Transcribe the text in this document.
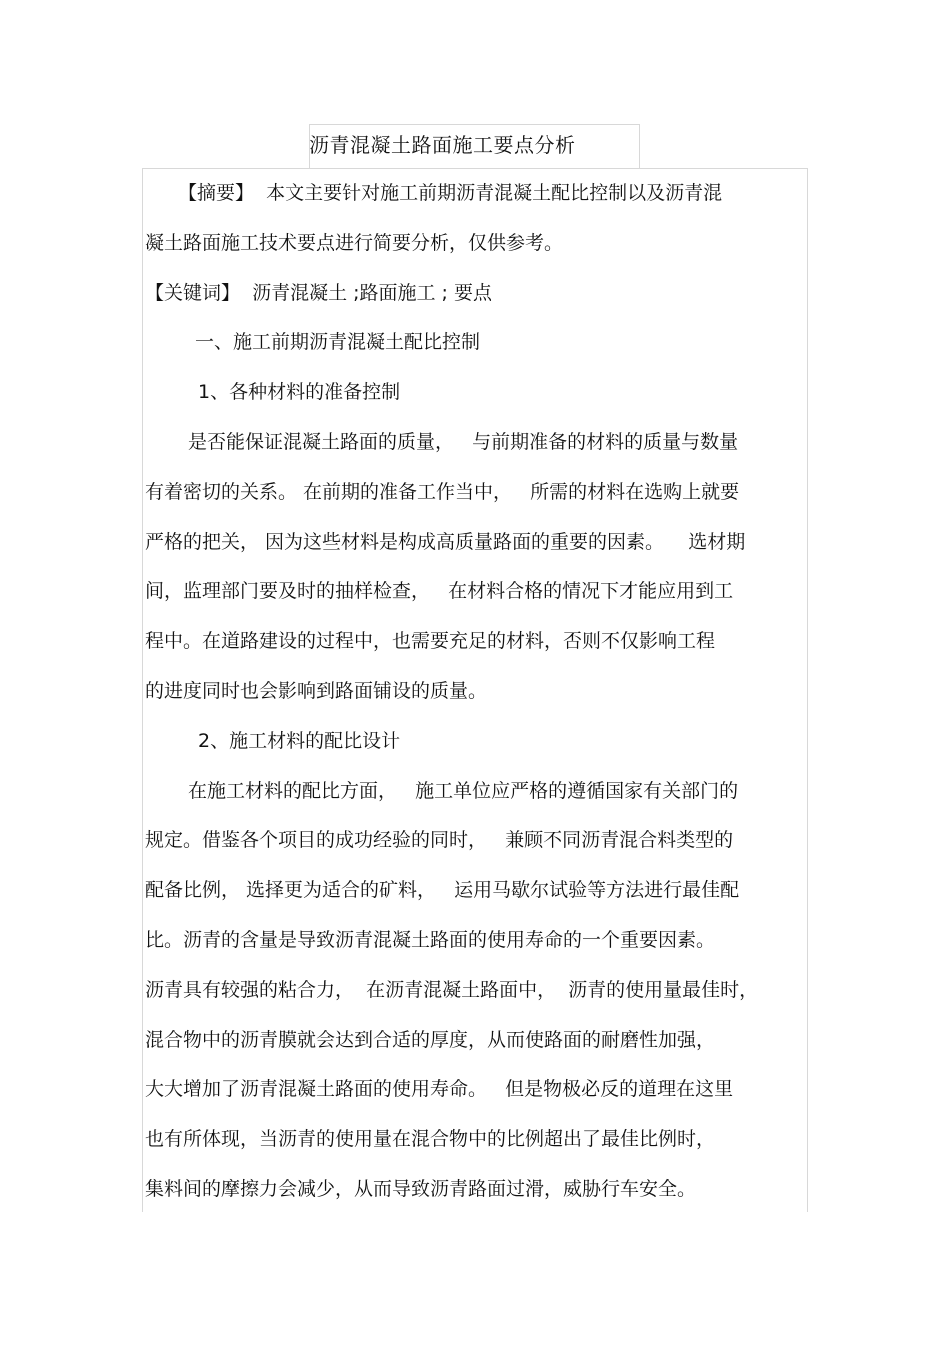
沥青混凝土路面施工要点分析
【摘要】  本文主要针对施工前期沥青混凝土配比控制以及沥青混
凝土路面施工技术要点进行简要分析，仅供参考。
【关键词】  沥青混凝土 ;路面施工 ; 要点
一、施工前期沥青混凝土配比控制
1、各种材料的准备控制
是否能保证混凝土路面的质量，   与前期准备的材料的质量与数量
有着密切的关系。 在前期的准备工作当中，   所需的材料在选购上就要
严格的把关， 因为这些材料是构成高质量路面的重要的因素。    选材期
间，监理部门要及时的抽样检查，   在材料合格的情况下才能应用到工
程中。在道路建设的过程中，也需要充足的材料，否则不仅影响工程
的进度同时也会影响到路面铺设的质量。
2、施工材料的配比设计
在施工材料的配比方面，   施工单位应严格的遵循国家有关部门的
规定。借鉴各个项目的成功经验的同时，   兼顾不同沥青混合料类型的
配备比例， 选择更为适合的矿料，   运用马歇尔试验等方法进行最佳配
比。沥青的含量是导致沥青混凝土路面的使用寿命的一个重要因素。
沥青具有较强的粘合力，  在沥青混凝土路面中，  沥青的使用量最佳时，
混合物中的沥青膜就会达到合适的厚度，从而使路面的耐磨性加强，
大大增加了沥青混凝土路面的使用寿命。   但是物极必反的道理在这里
也有所体现，当沥青的使用量在混合物中的比例超出了最佳比例时，
集料间的摩擦力会减少，从而导致沥青路面过滑，威胁行车安全。
